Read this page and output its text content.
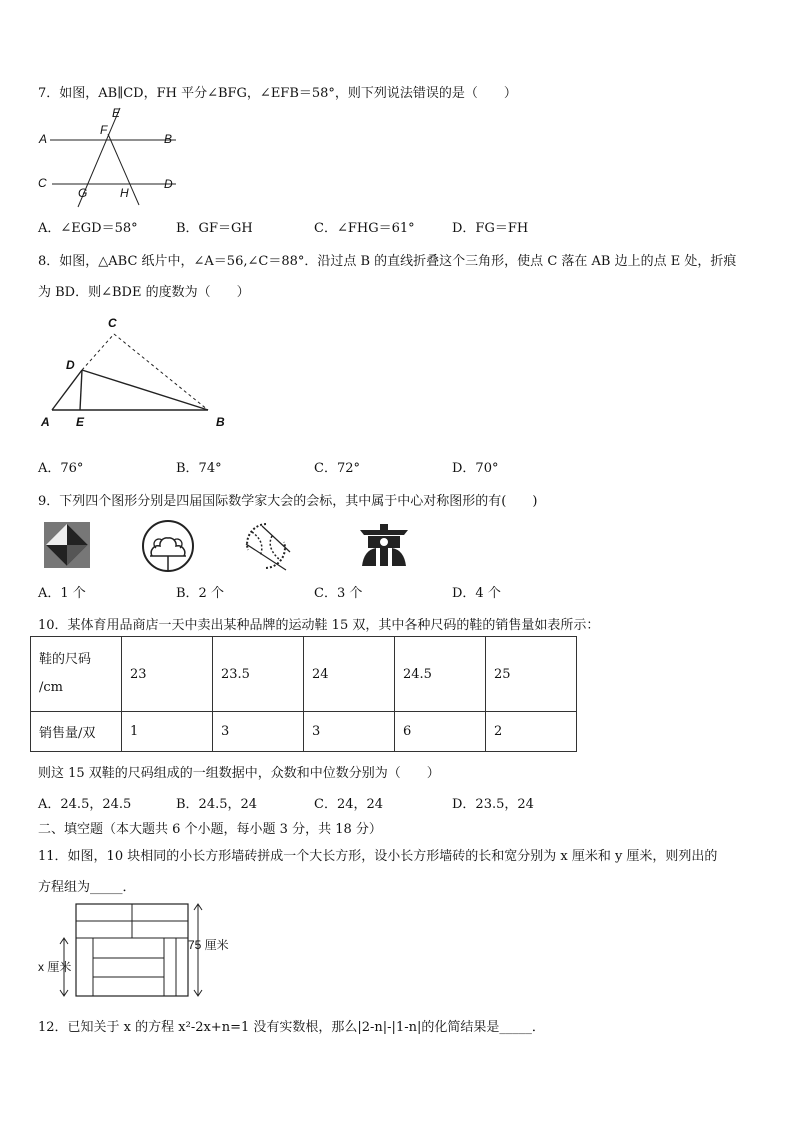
7．如图，AB∥CD，FH 平分∠BFG，∠EFB＝58°，则下列说法错误的是（　　）
A	B
C	D
E
F
G	H
A．∠EGD＝58°	B．GF＝GH	C．∠FHG＝61°	D．FG＝FH
8．如图，△ABC 纸片中，∠A＝56,∠C＝88°．沿过点 B 的直线折叠这个三角形，使点 C 落在 AB 边上的点 E 处，折痕
为 BD．则∠BDE 的度数为（　　）
A	B
C
D
E
A．76°	B．74°	C．72°	D．70°
9．下列四个图形分别是四届国际数学家大会的会标，其中属于中心对称图形的有(　　)
A．1 个	B．2 个	C．3 个	D．4 个
10．某体育用品商店一天中卖出某种品牌的运动鞋 15 双，其中各种尺码的鞋的销售量如表所示：
鞋的尺码
/cm	23	23.5	24	24.5	25
销售量/双	1	3	3	6	2
则这 15 双鞋的尺码组成的一组数据中，众数和中位数分别为（　　）
A．24.5，24.5	B．24.5，24	C．24，24	D．23.5，24
二、填空题（本大题共 6 个小题，每小题 3 分，共 18 分）
11．如图，10 块相同的小长方形墙砖拼成一个大长方形，设小长方形墙砖的长和宽分别为 x 厘米和 y 厘米，则列出的
方程组为_____．
75 厘米
x 厘米
12．已知关于 x 的方程 x²-2x+n=1 没有实数根，那么|2-n|-|1-n|的化简结果是_____．
